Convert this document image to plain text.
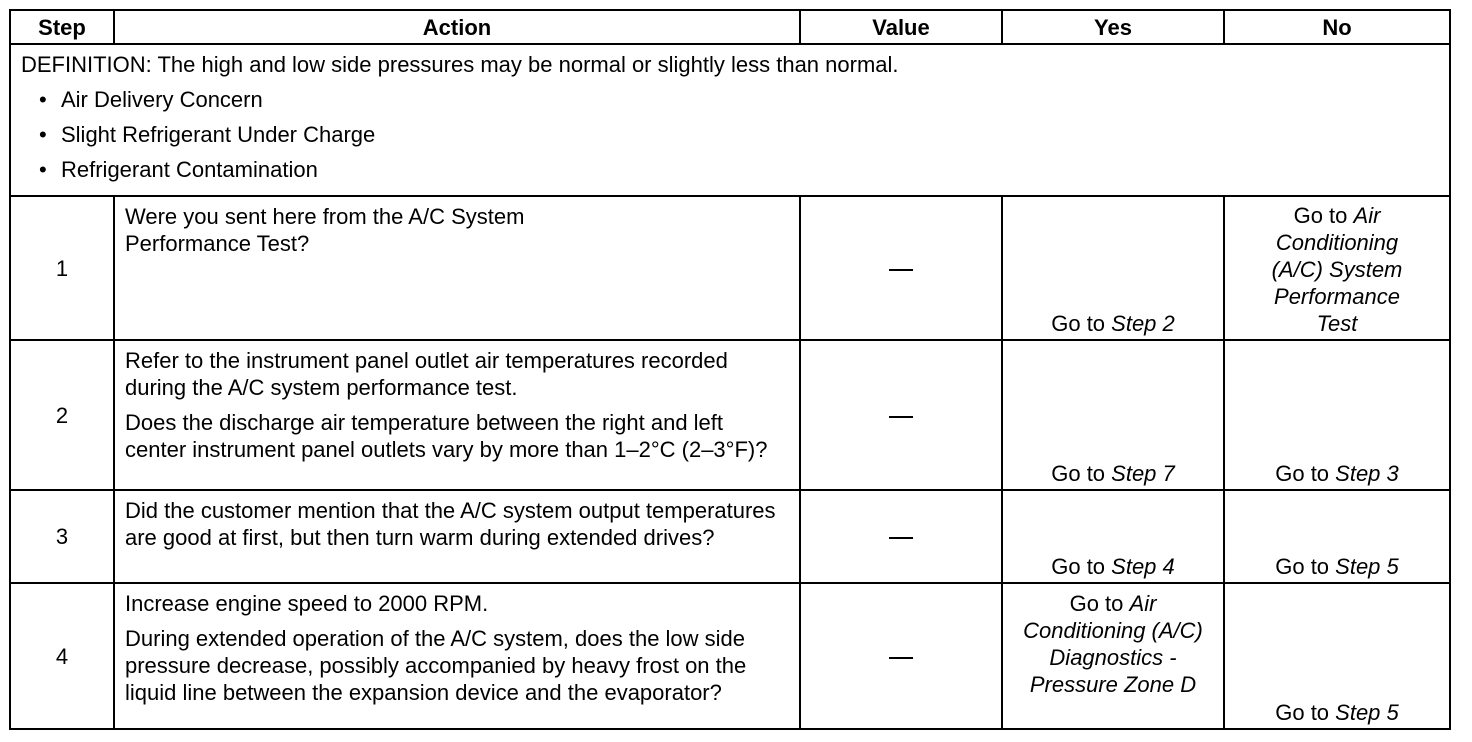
Step	Action	Value	Yes	No

DEFINITION: The high and low side pressures may be normal or slightly less than normal.

• Air Delivery Concern

• Slight Refrigerant Under Charge

• Refrigerant Contamination

1	Were you sent here from the A/C System Performance Test?		Go to Step 2	Go to Air Conditioning (A/C) System Performance Test
2	Refer to the instrument panel outlet air temperatures recorded during the A/C system performance test.

Does the discharge air temperature between the right and left center instrument panel outlets vary by more than 1–2°C (2–3°F)?		Go to Step 7	Go to Step 3
3	Did the customer mention that the A/C system output temperatures are good at first, but then turn warm during extended drives?		Go to Step 4	Go to Step 5
4	Increase engine speed to 2000 RPM.

During extended operation of the A/C system, does the low side pressure decrease, possibly accompanied by heavy frost on the liquid line between the expansion device and the evaporator?		Go to Air Conditioning (A/C) Diagnostics - Pressure Zone D	Go to Step 5
